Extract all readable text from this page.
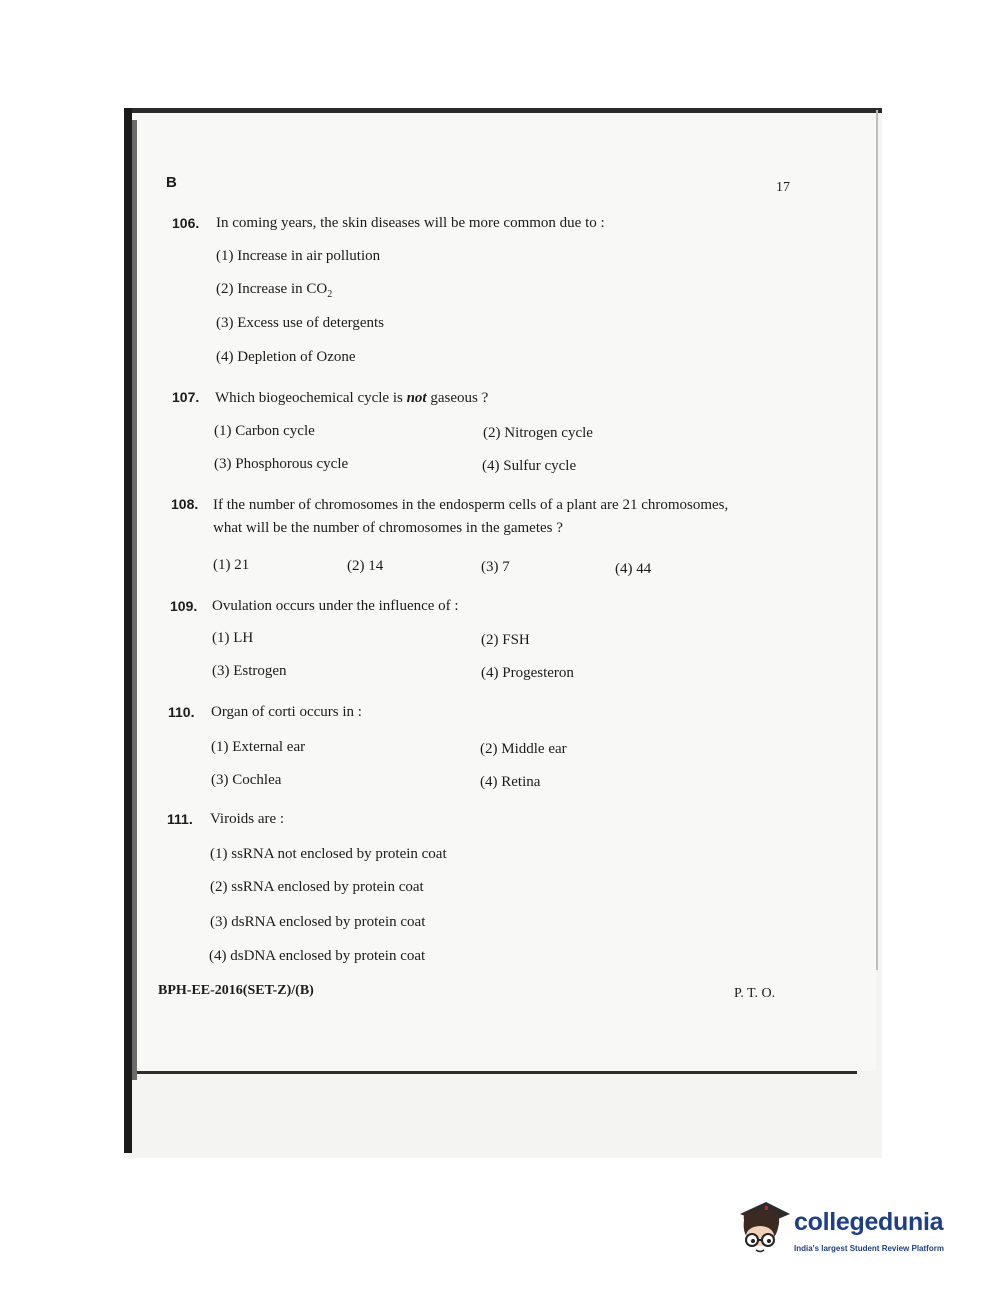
B	17
106. In coming years, the skin diseases will be more common due to :
(1) Increase in air pollution
(2) Increase in $CO_2$
(3) Excess use of detergents
(4) Depletion of Ozone
107. Which biogeochemical cycle is not gaseous ?
(1) Carbon cycle	(2) Nitrogen cycle
(3) Phosphorous cycle	(4) Sulfur cycle
108. If the number of chromosomes in the endosperm cells of a plant are 21 chromosomes,
what will be the number of chromosomes in the gametes ?
(1) 21	(2) 14	(3) 7	(4) 44
109. Ovulation occurs under the influence of :
(1) LH	(2) FSH
(3) Estrogen	(4) Progesteron
110. Organ of corti occurs in :
(1) External ear	(2) Middle ear
(3) Cochlea	(4) Retina
111. Viroids are :
(1) ssRNA not enclosed by protein coat
(2) ssRNA enclosed by protein coat
(3) dsRNA enclosed by protein coat
(4) dsDNA enclosed by protein coat
BPH-EE-2016(SET-Z)/(B)	P. T. O.
collegedunia
India's largest Student Review Platform
